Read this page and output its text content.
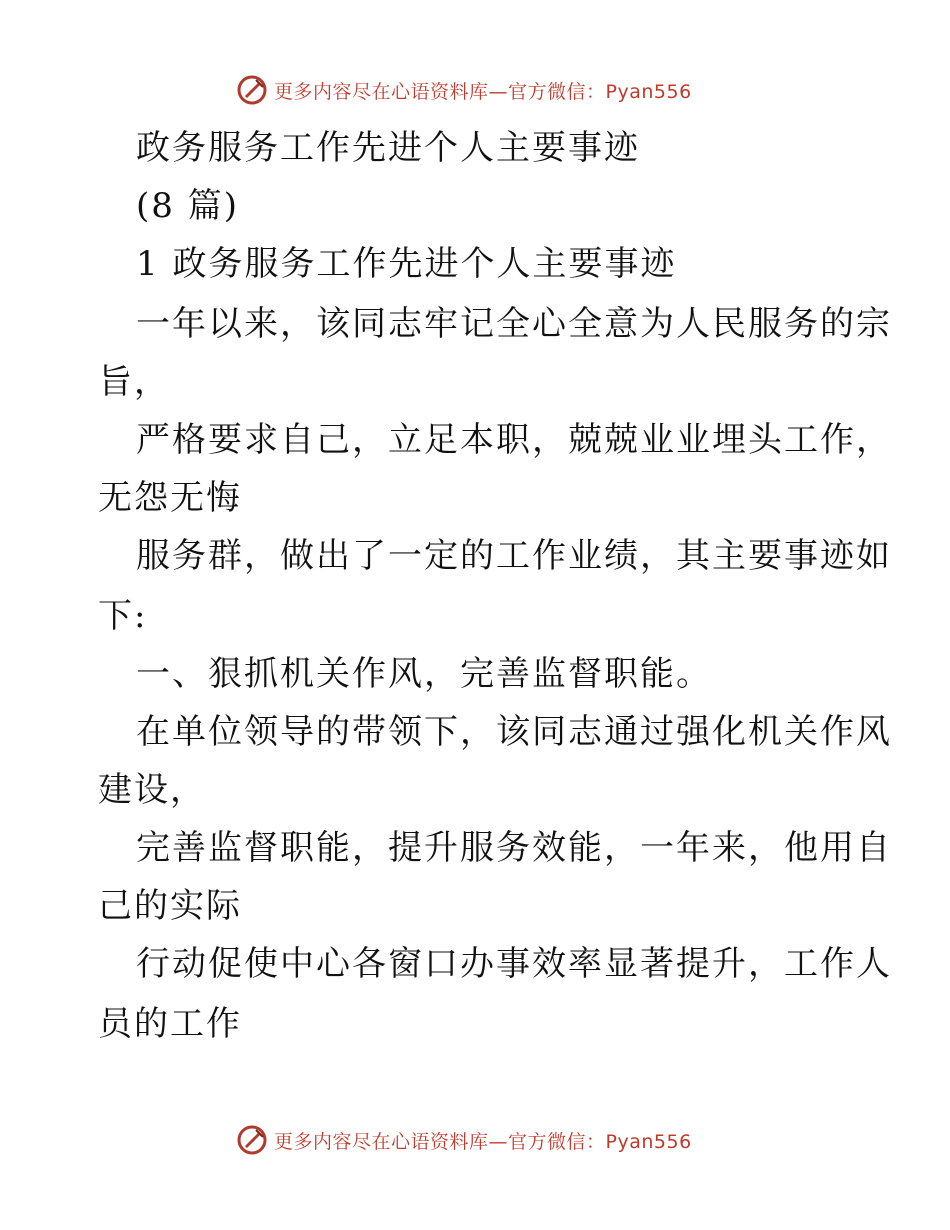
更多内容尽在心语资料库—官方微信：Pyan556
政务服务工作先进个人主要事迹
(8 篇)
1 政务服务工作先进个人主要事迹
一年以来，该同志牢记全心全意为人民服务的宗
旨，
严格要求自己，立足本职，兢兢业业埋头工作，
无怨无悔
服务群，做出了一定的工作业绩，其主要事迹如
下:
一、狠抓机关作风，完善监督职能。
在单位领导的带领下，该同志通过强化机关作风
建设，
完善监督职能，提升服务效能，一年来，他用自
己的实际
行动促使中心各窗口办事效率显著提升，工作人
员的工作
更多内容尽在心语资料库—官方微信：Pyan556
